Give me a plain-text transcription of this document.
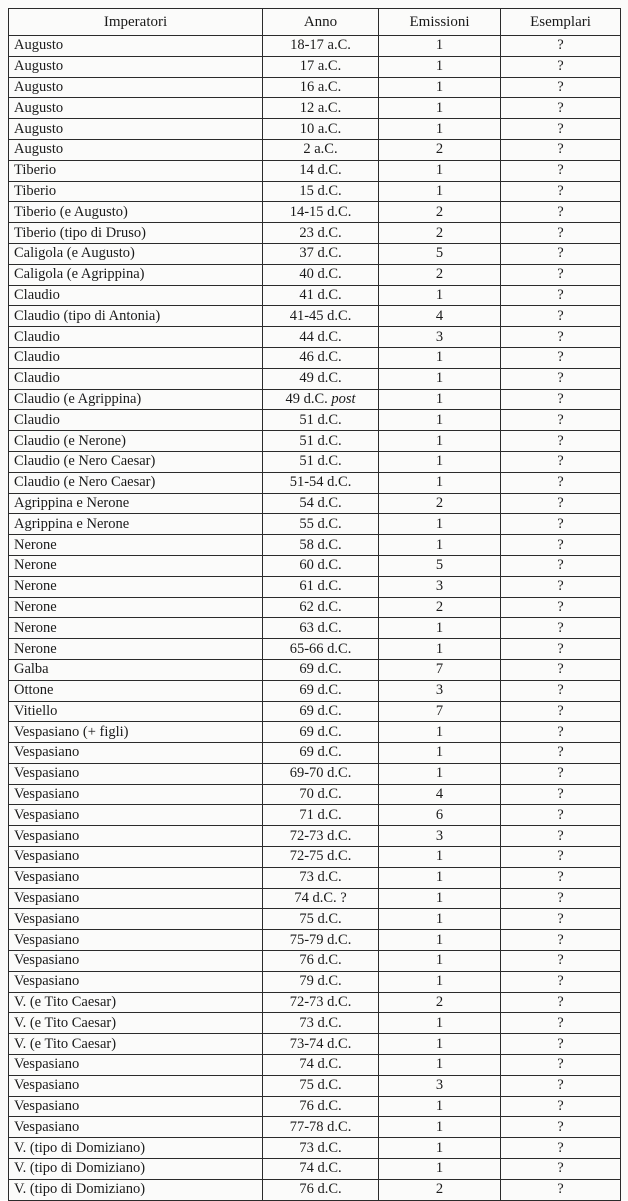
Imperatori	Anno	Emissioni	Esemplari
Augusto	18-17 a.C.	1	?
Augusto	17 a.C.	1	?
Augusto	16 a.C.	1	?
Augusto	12 a.C.	1	?
Augusto	10 a.C.	1	?
Augusto	2 a.C.	2	?
Tiberio	14 d.C.	1	?
Tiberio	15 d.C.	1	?
Tiberio (e Augusto)	14-15 d.C.	2	?
Tiberio (tipo di Druso)	23 d.C.	2	?
Caligola (e Augusto)	37 d.C.	5	?
Caligola (e Agrippina)	40 d.C.	2	?
Claudio	41 d.C.	1	?
Claudio (tipo di Antonia)	41-45 d.C.	4	?
Claudio	44 d.C.	3	?
Claudio	46 d.C.	1	?
Claudio	49 d.C.	1	?
Claudio (e Agrippina)	49 d.C. post	1	?
Claudio	51 d.C.	1	?
Claudio (e Nerone)	51 d.C.	1	?
Claudio (e Nero Caesar)	51 d.C.	1	?
Claudio (e Nero Caesar)	51-54 d.C.	1	?
Agrippina e Nerone	54 d.C.	2	?
Agrippina e Nerone	55 d.C.	1	?
Nerone	58 d.C.	1	?
Nerone	60 d.C.	5	?
Nerone	61 d.C.	3	?
Nerone	62 d.C.	2	?
Nerone	63 d.C.	1	?
Nerone	65-66 d.C.	1	?
Galba	69 d.C.	7	?
Ottone	69 d.C.	3	?
Vitiello	69 d.C.	7	?
Vespasiano (+ figli)	69 d.C.	1	?
Vespasiano	69 d.C.	1	?
Vespasiano	69-70 d.C.	1	?
Vespasiano	70 d.C.	4	?
Vespasiano	71 d.C.	6	?
Vespasiano	72-73 d.C.	3	?
Vespasiano	72-75 d.C.	1	?
Vespasiano	73 d.C.	1	?
Vespasiano	74 d.C. ?	1	?
Vespasiano	75 d.C.	1	?
Vespasiano	75-79 d.C.	1	?
Vespasiano	76 d.C.	1	?
Vespasiano	79 d.C.	1	?
V. (e Tito Caesar)	72-73 d.C.	2	?
V. (e Tito Caesar)	73 d.C.	1	?
V. (e Tito Caesar)	73-74 d.C.	1	?
Vespasiano	74 d.C.	1	?
Vespasiano	75 d.C.	3	?
Vespasiano	76 d.C.	1	?
Vespasiano	77-78 d.C.	1	?
V. (tipo di Domiziano)	73 d.C.	1	?
V. (tipo di Domiziano)	74 d.C.	1	?
V. (tipo di Domiziano)	76 d.C.	2	?
